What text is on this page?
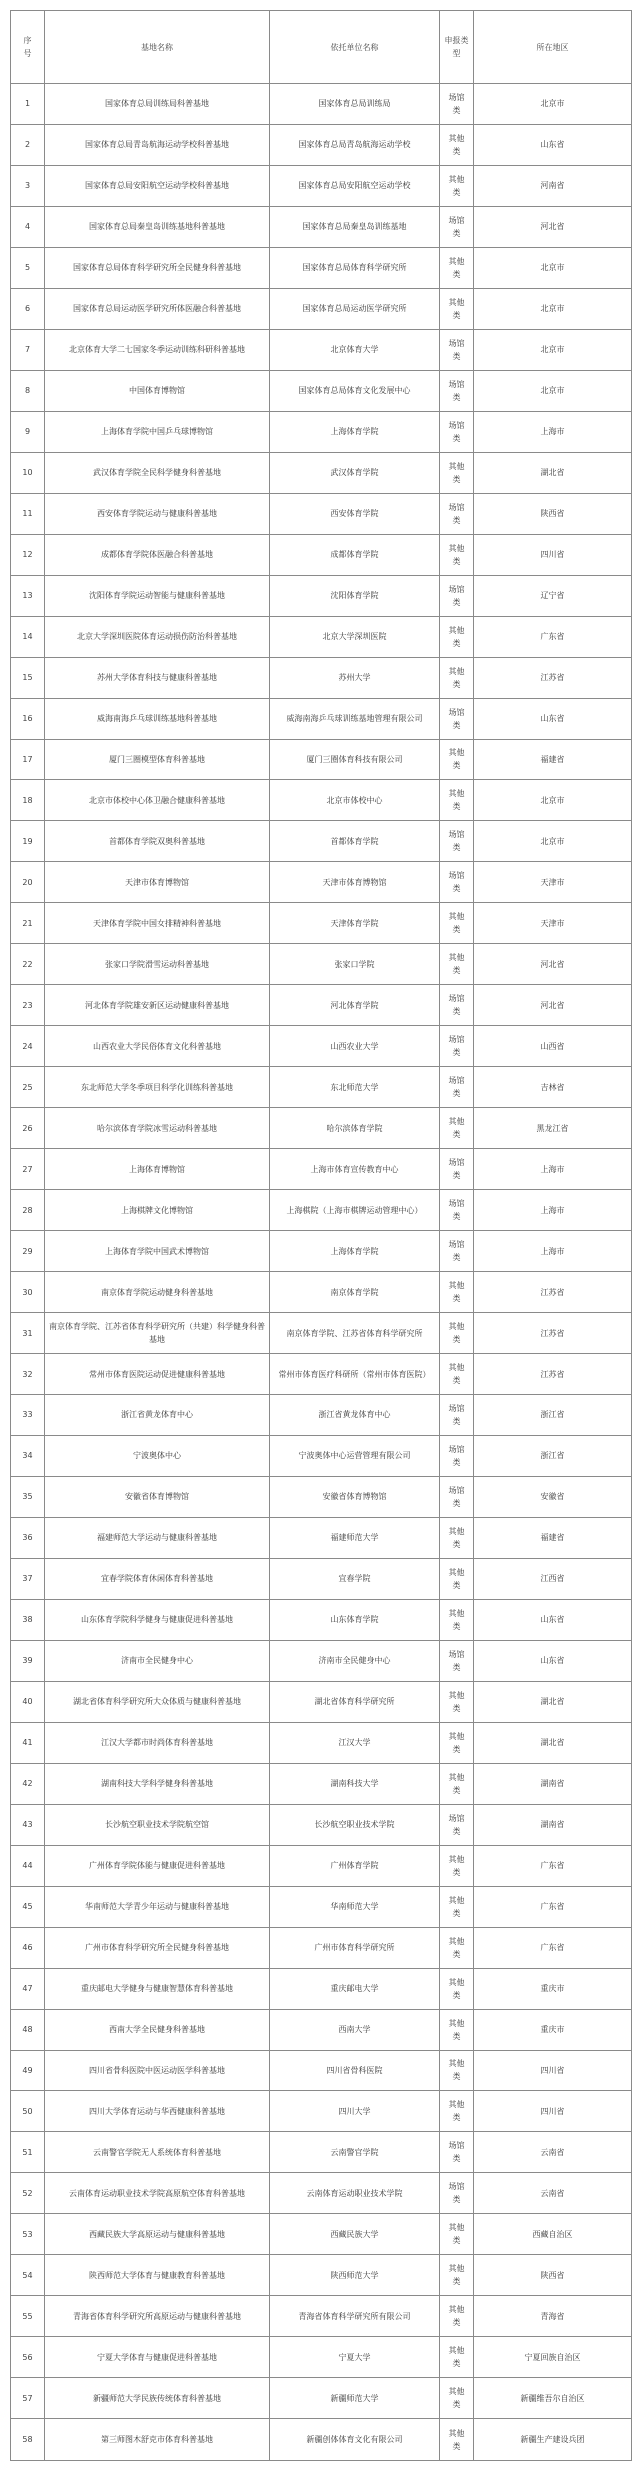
序号	基地名称	依托单位名称	申报类型	所在地区
1	国家体育总局训练局科普基地	国家体育总局训练局	场馆类	北京市
2	国家体育总局青岛航海运动学校科普基地	国家体育总局青岛航海运动学校	其他类	山东省
3	国家体育总局安阳航空运动学校科普基地	国家体育总局安阳航空运动学校	其他类	河南省
4	国家体育总局秦皇岛训练基地科普基地	国家体育总局秦皇岛训练基地	场馆类	河北省
5	国家体育总局体育科学研究所全民健身科普基地	国家体育总局体育科学研究所	其他类	北京市
6	国家体育总局运动医学研究所体医融合科普基地	国家体育总局运动医学研究所	其他类	北京市
7	北京体育大学二七国家冬季运动训练科研科普基地	北京体育大学	场馆类	北京市
8	中国体育博物馆	国家体育总局体育文化发展中心	场馆类	北京市
9	上海体育学院中国乒乓球博物馆	上海体育学院	场馆类	上海市
10	武汉体育学院全民科学健身科普基地	武汉体育学院	其他类	湖北省
11	西安体育学院运动与健康科普基地	西安体育学院	场馆类	陕西省
12	成都体育学院体医融合科普基地	成都体育学院	其他类	四川省
13	沈阳体育学院运动智能与健康科普基地	沈阳体育学院	场馆类	辽宁省
14	北京大学深圳医院体育运动损伤防治科普基地	北京大学深圳医院	其他类	广东省
15	苏州大学体育科技与健康科普基地	苏州大学	其他类	江苏省
16	威海南海乒乓球训练基地科普基地	威海南海乒乓球训练基地管理有限公司	场馆类	山东省
17	厦门三圈模型体育科普基地	厦门三圈体育科技有限公司	其他类	福建省
18	北京市体校中心体卫融合健康科普基地	北京市体校中心	其他类	北京市
19	首都体育学院双奥科普基地	首都体育学院	场馆类	北京市
20	天津市体育博物馆	天津市体育博物馆	场馆类	天津市
21	天津体育学院中国女排精神科普基地	天津体育学院	其他类	天津市
22	张家口学院滑雪运动科普基地	张家口学院	其他类	河北省
23	河北体育学院雄安新区运动健康科普基地	河北体育学院	场馆类	河北省
24	山西农业大学民俗体育文化科普基地	山西农业大学	场馆类	山西省
25	东北师范大学冬季项目科学化训练科普基地	东北师范大学	场馆类	吉林省
26	哈尔滨体育学院冰雪运动科普基地	哈尔滨体育学院	其他类	黑龙江省
27	上海体育博物馆	上海市体育宣传教育中心	场馆类	上海市
28	上海棋牌文化博物馆	上海棋院（上海市棋牌运动管理中心）	场馆类	上海市
29	上海体育学院中国武术博物馆	上海体育学院	场馆类	上海市
30	南京体育学院运动健身科普基地	南京体育学院	其他类	江苏省
31	南京体育学院、江苏省体育科学研究所（共建）科学健身科普基地	南京体育学院、江苏省体育科学研究所	其他类	江苏省
32	常州市体育医院运动促进健康科普基地	常州市体育医疗科研所（常州市体育医院）	其他类	江苏省
33	浙江省黄龙体育中心	浙江省黄龙体育中心	场馆类	浙江省
34	宁波奥体中心	宁波奥体中心运营管理有限公司	场馆类	浙江省
35	安徽省体育博物馆	安徽省体育博物馆	场馆类	安徽省
36	福建师范大学运动与健康科普基地	福建师范大学	其他类	福建省
37	宜春学院体育休闲体育科普基地	宜春学院	其他类	江西省
38	山东体育学院科学健身与健康促进科普基地	山东体育学院	其他类	山东省
39	济南市全民健身中心	济南市全民健身中心	场馆类	山东省
40	湖北省体育科学研究所大众体质与健康科普基地	湖北省体育科学研究所	其他类	湖北省
41	江汉大学都市时尚体育科普基地	江汉大学	其他类	湖北省
42	湖南科技大学科学健身科普基地	湖南科技大学	其他类	湖南省
43	长沙航空职业技术学院航空馆	长沙航空职业技术学院	场馆类	湖南省
44	广州体育学院体能与健康促进科普基地	广州体育学院	其他类	广东省
45	华南师范大学青少年运动与健康科普基地	华南师范大学	其他类	广东省
46	广州市体育科学研究所全民健身科普基地	广州市体育科学研究所	其他类	广东省
47	重庆邮电大学健身与健康智慧体育科普基地	重庆邮电大学	其他类	重庆市
48	西南大学全民健身科普基地	西南大学	其他类	重庆市
49	四川省骨科医院中医运动医学科普基地	四川省骨科医院	其他类	四川省
50	四川大学体育运动与华西健康科普基地	四川大学	其他类	四川省
51	云南警官学院无人系统体育科普基地	云南警官学院	场馆类	云南省
52	云南体育运动职业技术学院高原航空体育科普基地	云南体育运动职业技术学院	场馆类	云南省
53	西藏民族大学高原运动与健康科普基地	西藏民族大学	其他类	西藏自治区
54	陕西师范大学体育与健康教育科普基地	陕西师范大学	其他类	陕西省
55	青海省体育科学研究所高原运动与健康科普基地	青海省体育科学研究所有限公司	其他类	青海省
56	宁夏大学体育与健康促进科普基地	宁夏大学	其他类	宁夏回族自治区
57	新疆师范大学民族传统体育科普基地	新疆师范大学	其他类	新疆维吾尔自治区
58	第三师图木舒克市体育科普基地	新疆创体体育文化有限公司	其他类	新疆生产建设兵团
